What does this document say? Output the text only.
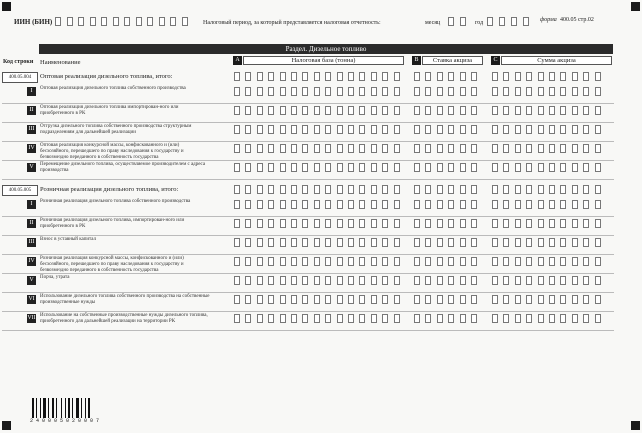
ИИН (БИН)	Налоговый период, за который представляется налоговая отчетность:	месяц	год	форма 400.05 стр.02
Раздел. Дизельное топливо
Код строки Наименование	A	Налоговая база (тонна)	B	Ставка акциза	C	Сумма акциза
400.05.004	Оптовая реализация дизельного топлива, итого:
I	Оптовая реализация дизельного топлива собственного производства
II	Оптовая реализация дизельного топлива импортирован-ного или приобретенного в РК
III	Отгрузка дизельного топлива собственного производства структурным подразделениям для дальнейшей реализации
IV Оптовая реализация конкурсной массы, конфискованного и (или) бесхозяйного, перешедшего по праву наследования к государству и безвозмездно переданного в собственность государства
V	Перемещение дизельного топлива, осуществляемое производителем с адреса производства
400.05.005	Розничная реализация дизельного топлива, итого:
I	Розничная реализация дизельного топлива собственного производства
II	Розничная реализация дизельного топлива, импортирован-ного или приобретенного в РК
III	Взнос в уставный капитал
IV Розничная реализация конкурсной массы, конфискованного и (или) бесхозяйного, перешедшего по праву наследования к государству и безвозмездно переданного в собственность государства
V	Порча, утрата
VI Использование дизельного топлива собственного производства на собственные производственные нужды
VII Использование на собственные производственные нужды дизельного топлива, приобретенного для дальнейшей реализации на территории РК
2 4 0 0 0 5 0 2 0 0 0 7
